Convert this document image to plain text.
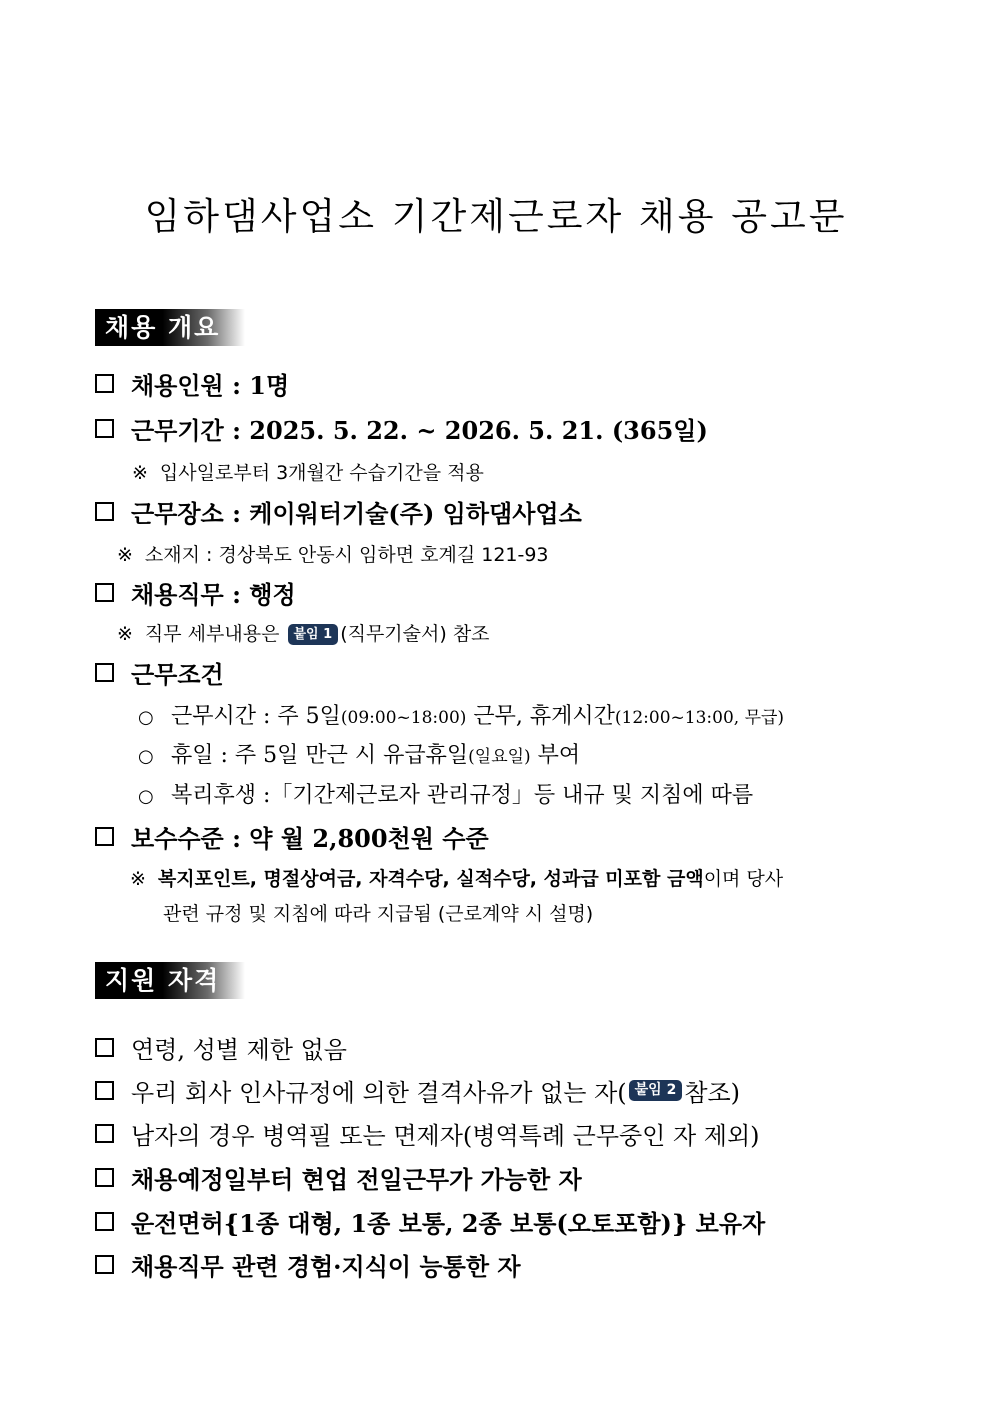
임하댐사업소 기간제근로자 채용 공고문
채용 개요
채용인원 : 1명
근무기간 : 2025. 5. 22. ~ 2026. 5. 21. (365일)
※ 입사일로부터 3개월간 수습기간을 적용
근무장소 : 케이워터기술(주) 임하댐사업소
※ 소재지 : 경상북도 안동시 임하면 호계길 121-93
채용직무 : 행정
※ 직무 세부내용은 붙임 1 (직무기술서) 참조
근무조건
○ 근무시간 : 주 5일(09:00~18:00) 근무, 휴게시간(12:00~13:00, 무급)
○ 휴일 : 주 5일 만근 시 유급휴일(일요일) 부여
○ 복리후생 :「기간제근로자 관리규정」등 내규 및 지침에 따름
보수수준 : 약 월 2,800천원 수준
※ 복지포인트, 명절상여금, 자격수당, 실적수당, 성과급 미포함 금액이며 당사
관련 규정 및 지침에 따라 지급됨 (근로계약 시 설명)
지원 자격
연령, 성별 제한 없음
우리 회사 인사규정에 의한 결격사유가 없는 자( 붙임 2 참조)
남자의 경우 병역필 또는 면제자(병역특례 근무중인 자 제외)
채용예정일부터 현업 전일근무가 가능한 자
운전면허{1종 대형, 1종 보통, 2종 보통(오토포함)} 보유자
채용직무 관련 경험·지식이 능통한 자
